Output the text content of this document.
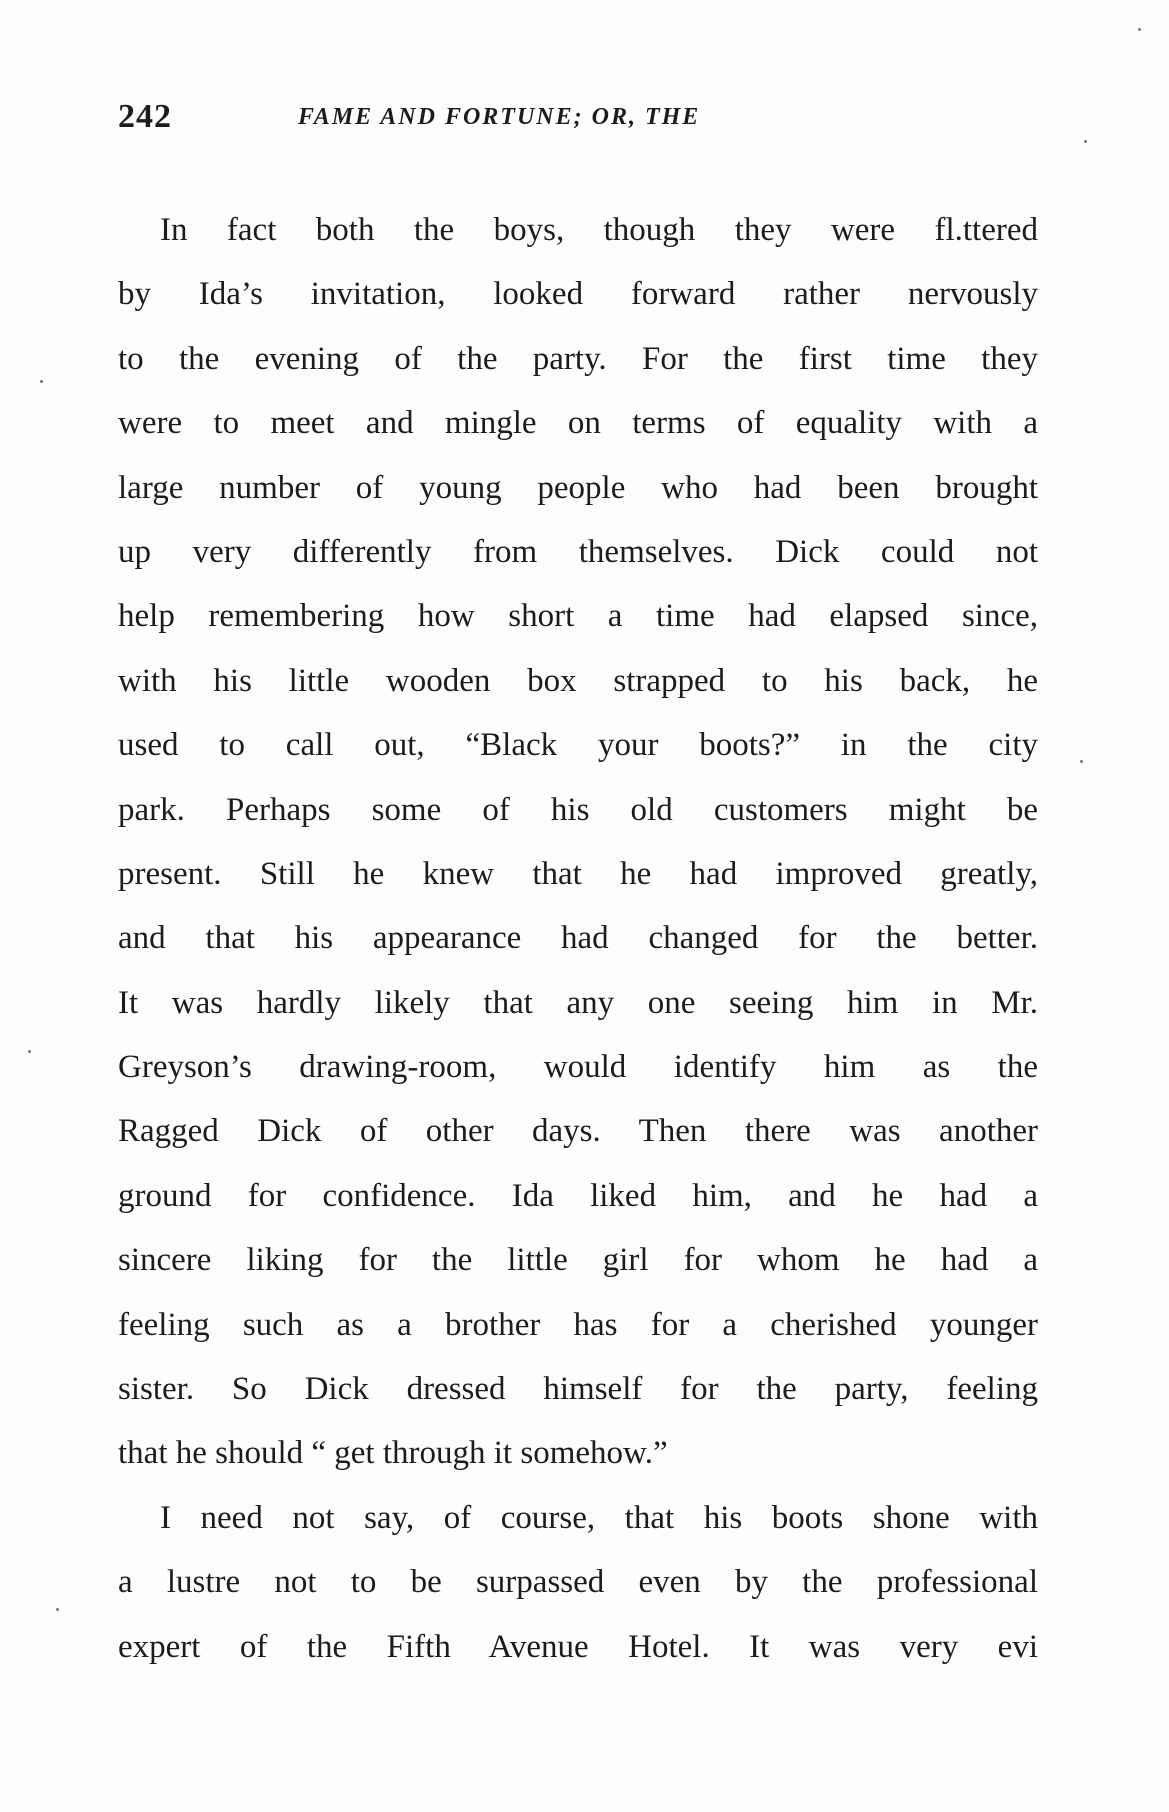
242	FAME AND FORTUNE; OR, THE
In fact both the boys, though they were fl.ttered
by Ida’s invitation, looked forward rather nervously
to the evening of the party. For the first time they
were to meet and mingle on terms of equality with a
large number of young people who had been brought
up very differently from themselves. Dick could not
help remembering how short a time had elapsed since,
with his little wooden box strapped to his back, he
used to call out, “Black your boots?” in the city
park. Perhaps some of his old customers might be
present. Still he knew that he had improved greatly,
and that his appearance had changed for the better.
It was hardly likely that any one seeing him in Mr.
Greyson’s drawing-room, would identify him as the
Ragged Dick of other days. Then there was another
ground for confidence. Ida liked him, and he had a
sincere liking for the little girl for whom he had a
feeling such as a brother has for a cherished younger
sister. So Dick dressed himself for the party, feeling
that he should “ get through it somehow.”
I need not say, of course, that his boots shone with
a lustre not to be surpassed even by the professional
expert of the Fifth Avenue Hotel. It was very evi
